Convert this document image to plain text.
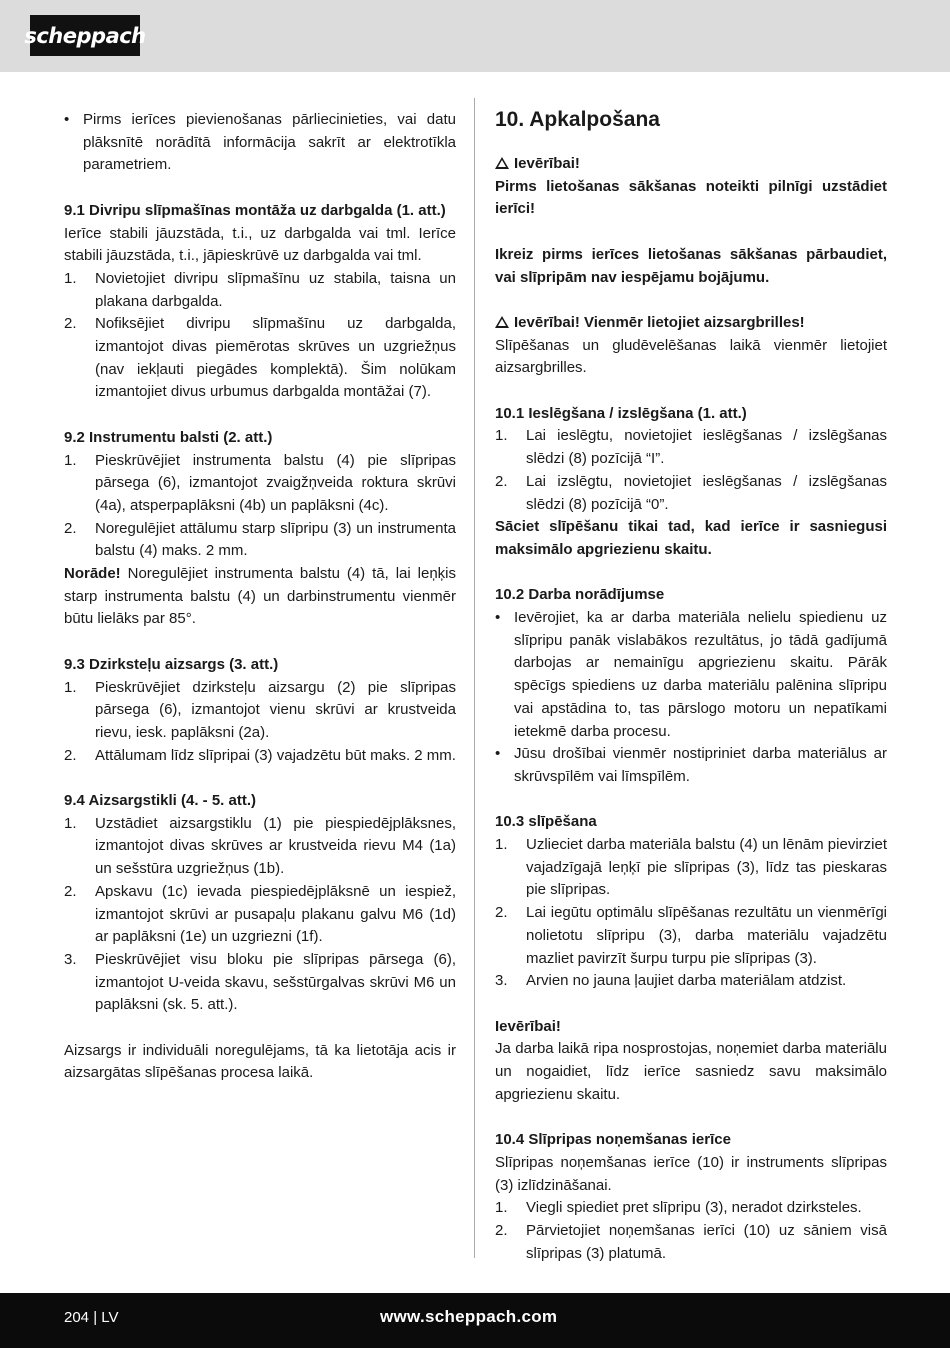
scheppach
• Pirms ierīces pievienošanas pārliecinieties, vai datu plāksnītē norādītā informācija sakrīt ar elektrotīkla parametriem.

9.1 Divripu slīpmašīnas montāža uz darbgalda (1. att.)

Ierīce stabili jāuzstāda, t.i., uz darbgalda vai tml. Ierīce stabili jāuzstāda, t.i., jāpieskrūvē uz darbgalda vai tml.

1. Novietojiet divripu slīpmašīnu uz stabila, taisna un plakana darbgalda.
2. Nofiksējiet divripu slīpmašīnu uz darbgalda, izmantojot divas piemērotas skrūves un uzgriežņus (nav iekļauti piegādes komplektā). Šim nolūkam izmantojiet divus urbumus darbgalda montāžai (7).

9.2 Instrumentu balsti (2. att.)

1. Pieskrūvējiet instrumenta balstu (4) pie slīpripas pārsega (6), izmantojot zvaigžņveida roktura skrūvi (4a), atsperpaplāksni (4b) un paplāksni (4c).
2. Noregulējiet attālumu starp slīpripu (3) un instrumenta balstu (4) maks. 2 mm.

Norāde! Noregulējiet instrumenta balstu (4) tā, lai leņķis starp instrumenta balstu (4) un darbinstrumentu vienmēr būtu lielāks par 85°.

9.3 Dzirksteļu aizsargs (3. att.)

1. Pieskrūvējiet dzirksteļu aizsargu (2) pie slīpripas pārsega (6), izmantojot vienu skrūvi ar krustveida rievu, iesk. paplāksni (2a).
2. Attālumam līdz slīpripai (3) vajadzētu būt maks. 2 mm.

9.4 Aizsargstikli (4. - 5. att.)

1. Uzstādiet aizsargstiklu (1) pie piespiedējplāksnes, izmantojot divas skrūves ar krustveida rievu M4 (1a) un sešstūra uzgriežņus (1b).
2. Apskavu (1c) ievada piespiedējplāksnē un iespiež, izmantojot skrūvi ar pusapaļu plakanu galvu M6 (1d) ar paplāksni (1e) un uzgriezni (1f).
3. Pieskrūvējiet visu bloku pie slīpripas pārsega (6), izmantojot U-veida skavu, sešstūrgalvas skrūvi M6 un paplāksni (sk. 5. att.).

Aizsargs ir individuāli noregulējams, tā ka lietotāja acis ir aizsargātas slīpēšanas procesa laikā.

10. Apkalpošana

Ievērībai!

Pirms lietošanas sākšanas noteikti pilnīgi uzstādiet ierīci!

Ikreiz pirms ierīces lietošanas sākšanas pārbaudiet, vai slīpripām nav iespējamu bojājumu.

Ievērībai! Vienmēr lietojiet aizsargbrilles!

Slīpēšanas un gludēvelēšanas laikā vienmēr lietojiet aizsargbrilles.

10.1 Ieslēgšana / izslēgšana (1. att.)

1. Lai ieslēgtu, novietojiet ieslēgšanas / izslēgšanas slēdzi (8) pozīcijā “I”.
2. Lai izslēgtu, novietojiet ieslēgšanas / izslēgšanas slēdzi (8) pozīcijā “0”.

Sāciet slīpēšanu tikai tad, kad ierīce ir sasniegusi maksimālo apgriezienu skaitu.

10.2 Darba norādījumse

• Ievērojiet, ka ar darba materiāla nelielu spiedienu uz slīpripu panāk vislabākos rezultātus, jo tādā gadījumā darbojas ar nemainīgu apgriezienu skaitu. Pārāk spēcīgs spiediens uz darba materiālu palēnina slīpripu vai apstādina to, tas pārslogo motoru un nepatīkami ietekmē darba procesu.
• Jūsu drošībai vienmēr nostipriniet darba materiālus ar skrūvspīlēm vai līmspīlēm.

10.3 slīpēšana

1. Uzlieciet darba materiāla balstu (4) un lēnām pievirziet vajadzīgajā leņķī pie slīpripas (3), līdz tas pieskaras pie slīpripas.
2. Lai iegūtu optimālu slīpēšanas rezultātu un vienmērīgi nolietotu slīpripu (3), darba materiālu vajadzētu mazliet pavirzīt šurpu turpu pie slīpripas (3).
3. Arvien no jauna ļaujiet darba materiālam atdzist.

Ievērībai!

Ja darba laikā ripa nosprostojas, noņemiet darba materiālu un nogaidiet, līdz ierīce sasniedz savu maksimālo apgriezienu skaitu.

10.4 Slīpripas noņemšanas ierīce

Slīpripas noņemšanas ierīce (10) ir instruments slīpripas (3) izlīdzināšanai.

1. Viegli spiediet pret slīpripu (3), neradot dzirksteles.
2. Pārvietojiet noņemšanas ierīci (10) uz sāniem visā slīpripas (3) platumā.
204 | LV	www.scheppach.com
